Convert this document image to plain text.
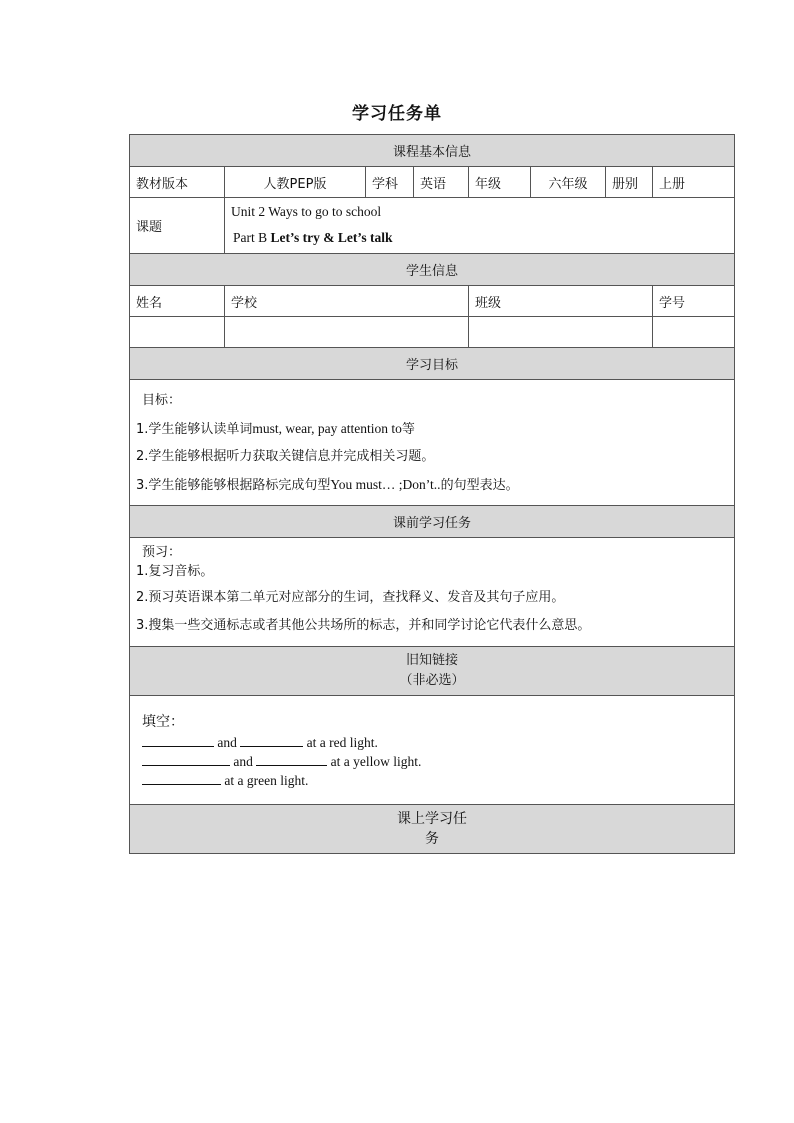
学习任务单
课程基本信息							
教材版本	人教PEP版	学科	英语	年级	六年级	册别	上册
课题	Unit 2 Ways to go to school
Part B Let’s try & Let’s talk						

学生信息							
姓名	学校			班级			学号

学习目标							

目标：
1.学生能够认读单词must, wear, pay attention to等
2.学生能够根据听力获取关键信息并完成相关习题。
3.学生能够能够根据路标完成句型You must… ;Don’t..的句型表达。							

课前学习任务							

预习：
1.复习音标。
2.预习英语课本第二单元对应部分的生词，查找释义、发音及其句子应用。
3.搜集一些交通标志或者其他公共场所的标志，并和同学讨论它代表什么意思。							

旧知链接
（非必选）							

填空：
and at a red light.
and at a yellow light.
at a green light.							

课上学习任
务							
